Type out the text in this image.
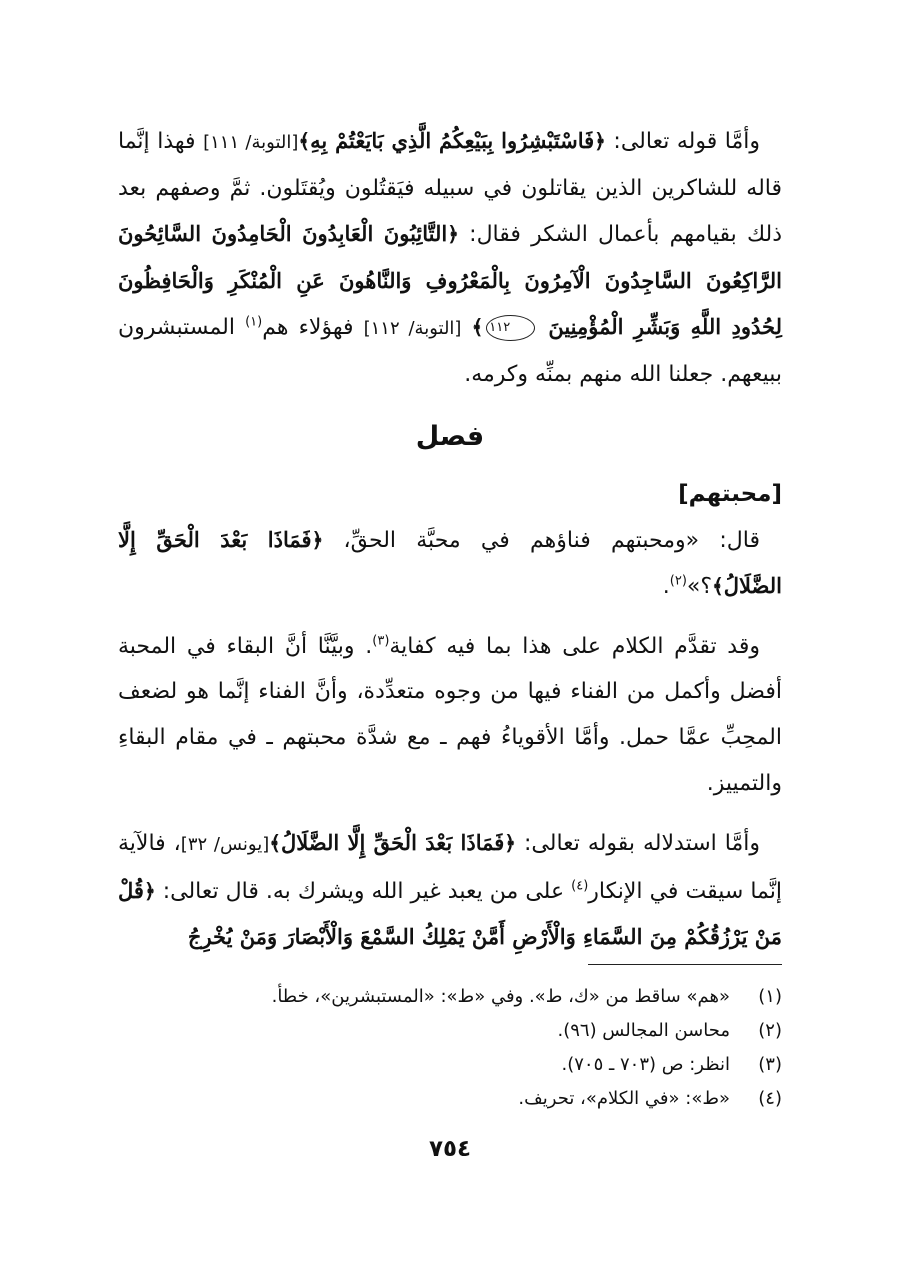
وأمَّا قوله تعالى: ﴿فَاسْتَبْشِرُوا بِبَيْعِكُمُ الَّذِي بَايَعْتُمْ بِهِ﴾[التوبة/ ١١١] فهذا إنَّما قاله للشاكرين الذين يقاتلون في سبيله فيَقتُلون ويُقتَلون. ثمَّ وصفهم بعد ذلك بقيامهم بأعمال الشكر فقال: ﴿التَّائِبُونَ الْعَابِدُونَ الْحَامِدُونَ السَّائِحُونَ الرَّاكِعُونَ السَّاجِدُونَ الْآمِرُونَ بِالْمَعْرُوفِ وَالنَّاهُونَ عَنِ الْمُنْكَرِ وَالْحَافِظُونَ لِحُدُودِ اللَّهِ وَبَشِّرِ الْمُؤْمِنِينَ ١١٢﴾ [التوبة/ ١١٢] فهؤلاء هم$^{(١)}$ المستبشرون ببيعهم. جعلنا الله منهم بمنِّه وكرمه.

فصل

[محبتهم]

قال: «ومحبتهم فناؤهم في محبَّة الحقِّ، ﴿فَمَاذَا بَعْدَ الْحَقِّ إِلَّا الضَّلَالُ﴾؟»$^{(٢)}$.

وقد تقدَّم الكلام على هذا بما فيه كفاية$^{(٣)}$. وبيَّنَّا أنَّ البقاء في المحبة أفضل وأكمل من الفناء فيها من وجوه متعدِّدة، وأنَّ الفناء إنَّما هو لضعف المحِبِّ عمَّا حمل. وأمَّا الأقوياءُ فهم ـ مع شدَّة محبتهم ـ في مقام البقاءِ والتمييز.

وأمَّا استدلاله بقوله تعالى: ﴿فَمَاذَا بَعْدَ الْحَقِّ إِلَّا الضَّلَالُ﴾[يونس/ ٣٢]، فالآية إنَّما سيقت في الإنكار$^{(٤)}$ على من يعبد غير الله ويشرك به. قال تعالى: ﴿قُلْ مَنْ يَرْزُقُكُمْ مِنَ السَّمَاءِ وَالْأَرْضِ أَمَّنْ يَمْلِكُ السَّمْعَ وَالْأَبْصَارَ وَمَنْ يُخْرِجُ

(١)«هم» ساقط من «ك، ط». وفي «ط»: «المستبشرين»، خطأ.

(٢)محاسن المجالس (٩٦).

(٣)انظر: ص (٧٠٣ ـ ٧٠٥).

(٤)«ط»: «في الكلام»، تحريف.

٧٥٤
